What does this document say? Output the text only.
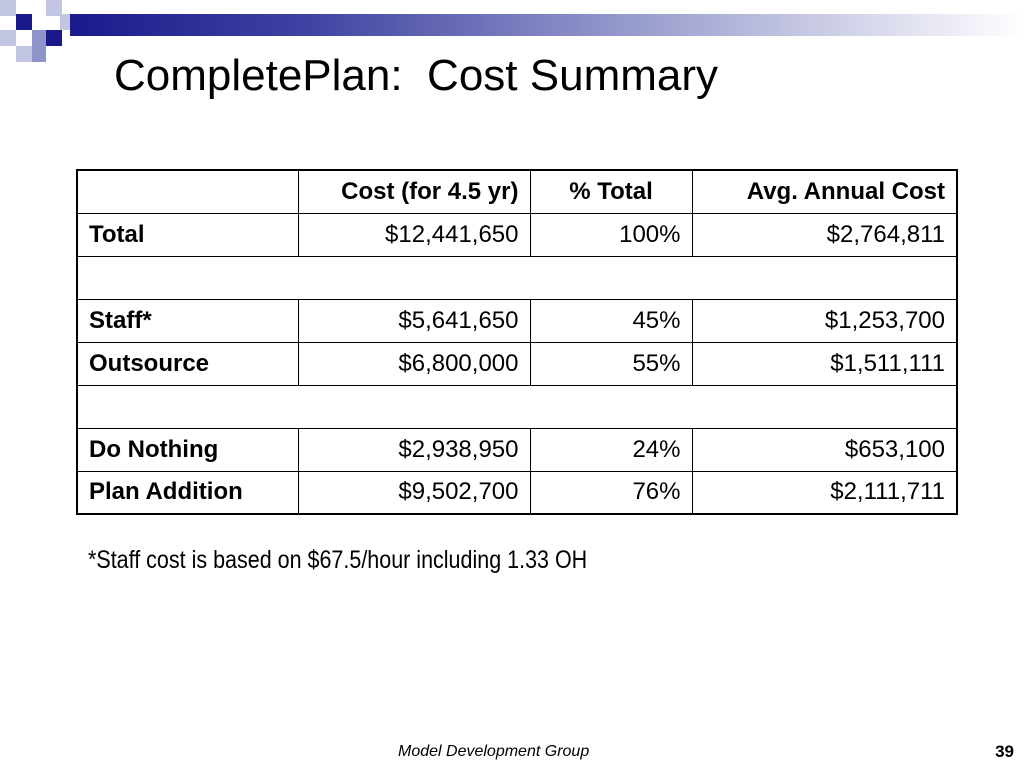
CompletePlan:  Cost Summary
	Cost (for 4.5 yr)	% Total	Avg. Annual Cost
Total	$12,441,650	100%	$2,764,811

Staff*	$5,641,650	45%	$1,253,700
Outsource	$6,800,000	55%	$1,511,111

Do Nothing	$2,938,950	24%	$653,100
Plan Addition	$9,502,700	76%	$2,111,711
*Staff cost is based on $67.5/hour including 1.33 OH
Model Development Group	39
